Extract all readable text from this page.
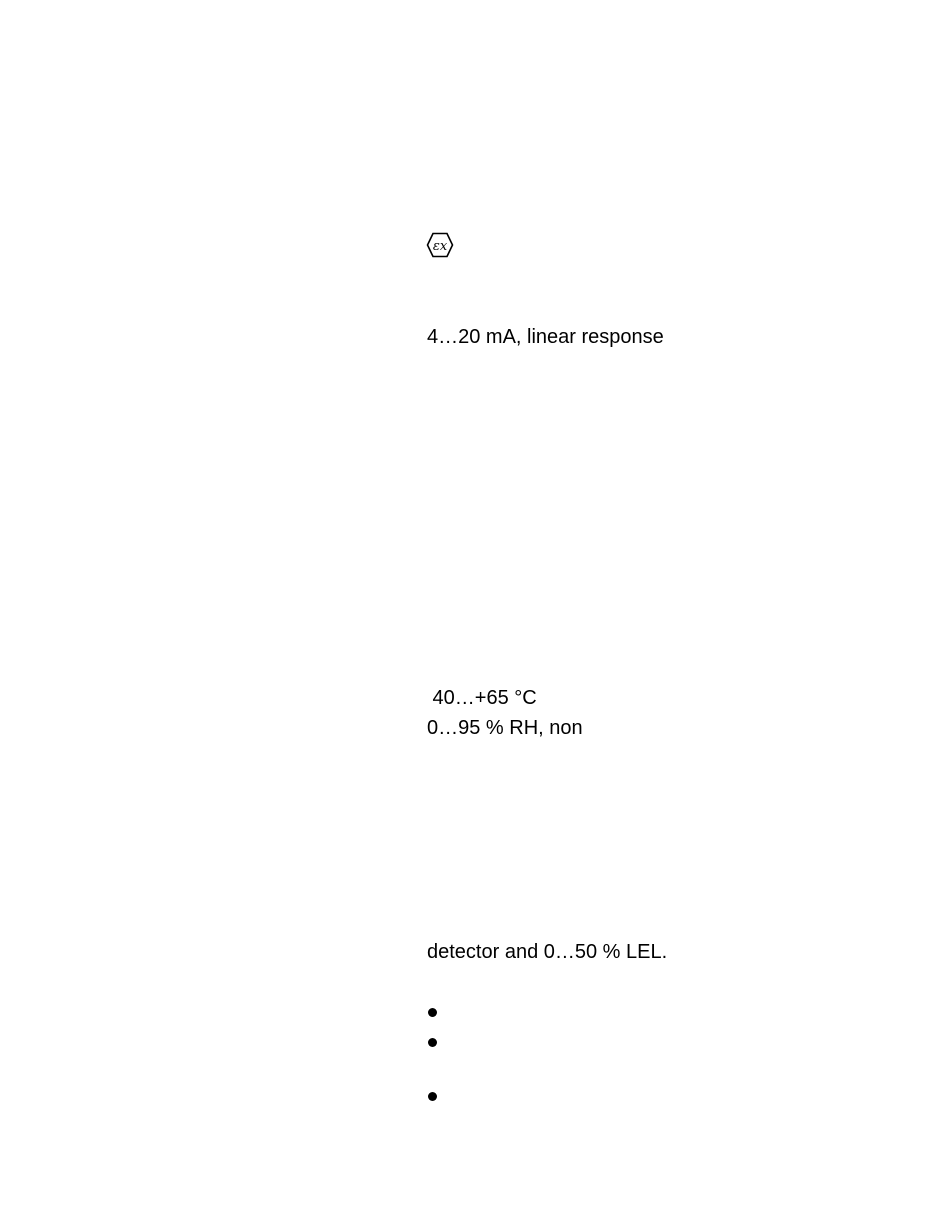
εx
4…20 mA, linear response
40…+65 °C
0…95 % RH, non
detector and 0…50 % LEL.
